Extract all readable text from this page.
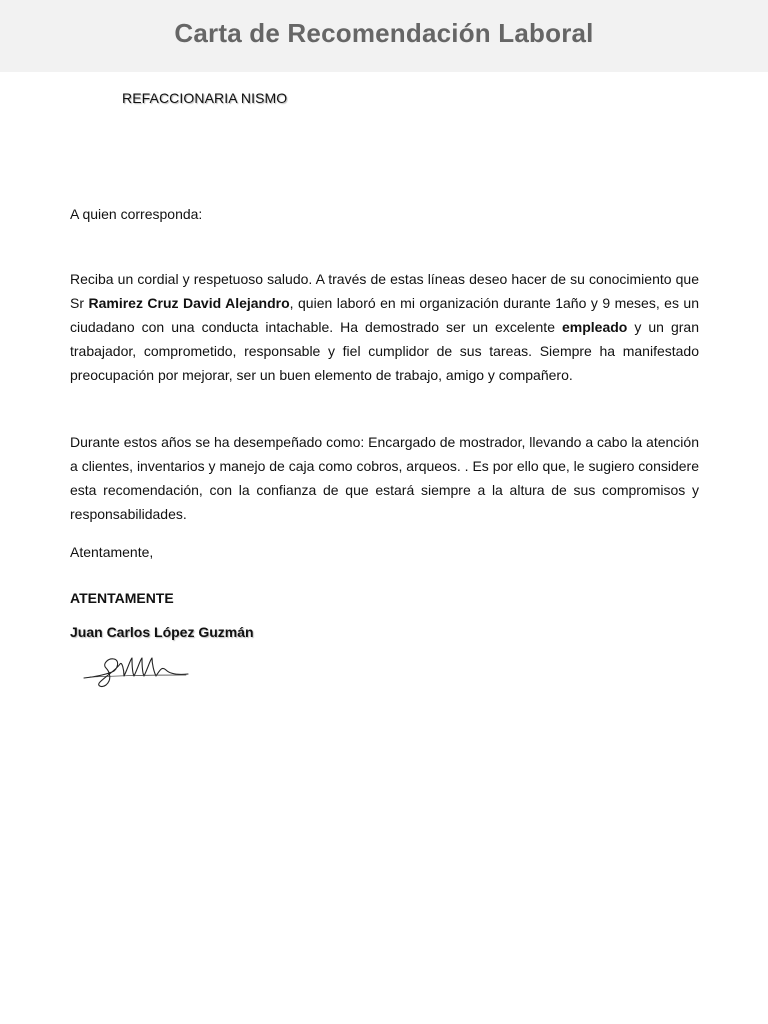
Carta de Recomendación Laboral
REFACCIONARIA NISMO
A quien corresponda:

Reciba un cordial y respetuoso saludo. A través de estas líneas deseo hacer de su conocimiento que Sr Ramirez Cruz David Alejandro, quien laboró en mi organización durante 1año y 9 meses, es un ciudadano con una conducta intachable. Ha demostrado ser un excelente empleado y un gran trabajador, comprometido, responsable y fiel cumplidor de sus tareas. Siempre ha manifestado preocupación por mejorar, ser un buen elemento de trabajo, amigo y compañero.

Durante estos años se ha desempeñado como: Encargado de mostrador, llevando a cabo la atención a clientes, inventarios y manejo de caja como cobros, arqueos. . Es por ello que, le sugiero considere esta recomendación, con la confianza de que estará siempre a la altura de sus compromisos y responsabilidades.

Atentamente,
ATENTAMENTE
Juan Carlos López Guzmán
